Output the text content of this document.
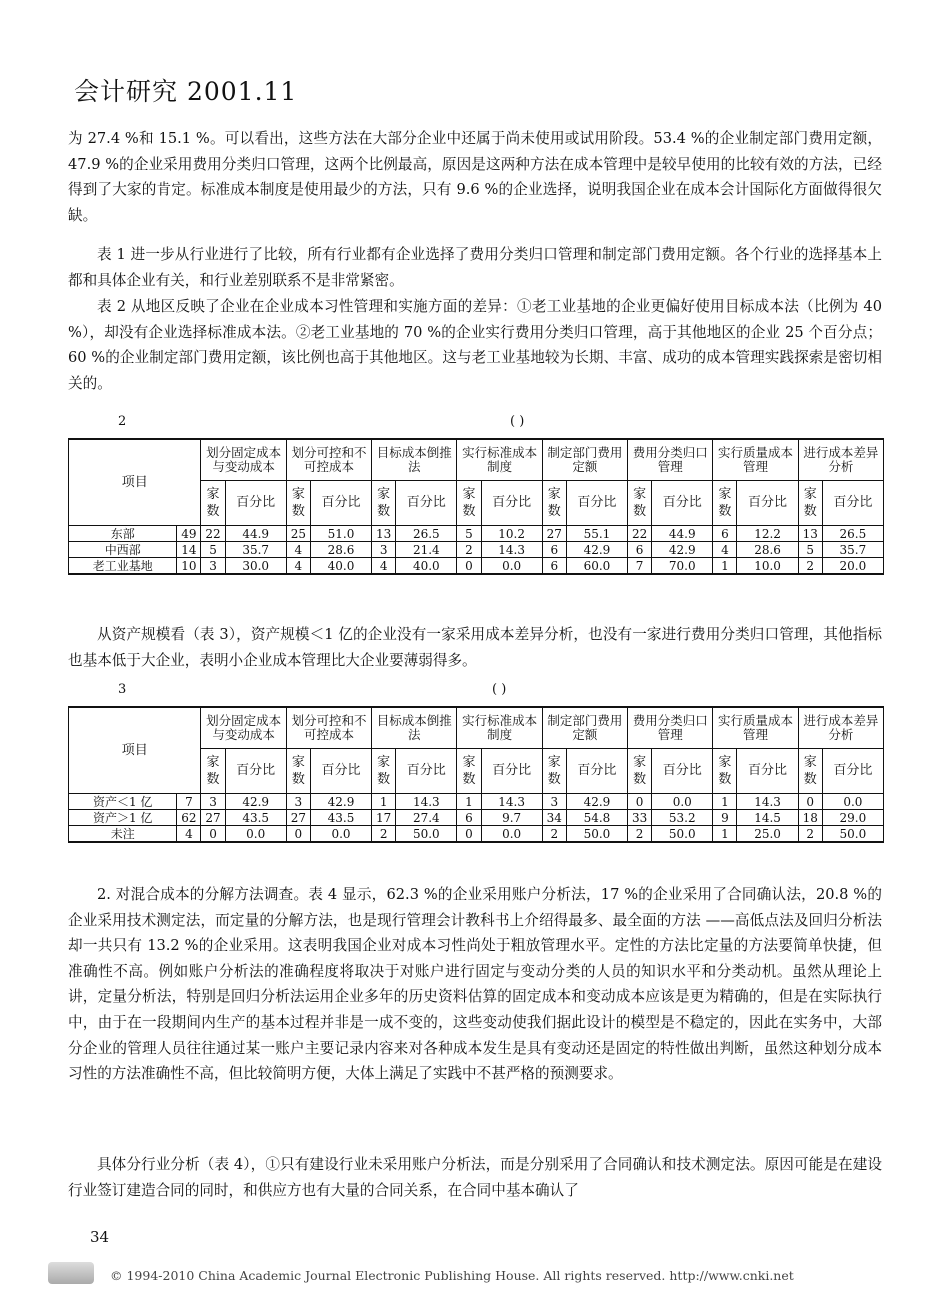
会计研究 2001.11

为 27.4 %和 15.1 %。可以看出，这些方法在大部分企业中还属于尚未使用或试用阶段。53.4 %的企业制定部门费用定额，47.9 %的企业采用费用分类归口管理，这两个比例最高，原因是这两种方法在成本管理中是较早使用的比较有效的方法，已经得到了大家的肯定。标准成本制度是使用最少的方法，只有 9.6 %的企业选择，说明我国企业在成本会计国际化方面做得很欠缺。

表 1 进一步从行业进行了比较，所有行业都有企业选择了费用分类归口管理和制定部门费用定额。各个行业的选择基本上都和具体企业有关，和行业差别联系不是非常紧密。

表 2 从地区反映了企业在企业成本习性管理和实施方面的差异：①老工业基地的企业更偏好使用目标成本法（比例为 40 %），却没有企业选择标准成本法。②老工业基地的 70 %的企业实行费用分类归口管理，高于其他地区的企业 25 个百分点；60 %的企业制定部门费用定额，该比例也高于其他地区。这与老工业基地较为长期、丰富、成功的成本管理实践探索是密切相关的。

2	( )
项目		划分固定成本与变动成本		划分可控和不可控成本		目标成本倒推法		实行标准成本制度		制定部门费用定额		费用分类归口管理		实行质量成本管理		进行成本差异分析	
		家数	百分比	家数	百分比	家数	百分比	家数	百分比	家数	百分比	家数	百分比	家数	百分比	家数	百分比
东部	49	22	44.9	25	51.0	13	26.5	5	10.2	27	55.1	22	44.9	6	12.2	13	26.5
中西部	14	5	35.7	4	28.6	3	21.4	2	14.3	6	42.9	6	42.9	4	28.6	5	35.7
老工业基地	10	3	30.0	4	40.0	4	40.0	0	0.0	6	60.0	7	70.0	1	10.0	2	20.0

从资产规模看（表 3），资产规模＜1 亿的企业没有一家采用成本差异分析，也没有一家进行费用分类归口管理，其他指标也基本低于大企业，表明小企业成本管理比大企业要薄弱得多。

3	( )
项目		划分固定成本与变动成本		划分可控和不可控成本		目标成本倒推法		实行标准成本制度		制定部门费用定额		费用分类归口管理		实行质量成本管理		进行成本差异分析	
		家数	百分比	家数	百分比	家数	百分比	家数	百分比	家数	百分比	家数	百分比	家数	百分比	家数	百分比
资产＜1 亿	7	3	42.9	3	42.9	1	14.3	1	14.3	3	42.9	0	0.0	1	14.3	0	0.0
资产＞1 亿	62	27	43.5	27	43.5	17	27.4	6	9.7	34	54.8	33	53.2	9	14.5	18	29.0
未注	4	0	0.0	0	0.0	2	50.0	0	0.0	2	50.0	2	50.0	1	25.0	2	50.0

2. 对混合成本的分解方法调查。表 4 显示，62.3 %的企业采用账户分析法，17 %的企业采用了合同确认法，20.8 %的企业采用技术测定法，而定量的分解方法，也是现行管理会计教科书上介绍得最多、最全面的方法 ——高低点法及回归分析法却一共只有 13.2 %的企业采用。这表明我国企业对成本习性尚处于粗放管理水平。定性的方法比定量的方法要简单快捷，但准确性不高。例如账户分析法的准确程度将取决于对账户进行固定与变动分类的人员的知识水平和分类动机。虽然从理论上讲，定量分析法，特别是回归分析法运用企业多年的历史资料估算的固定成本和变动成本应该是更为精确的，但是在实际执行中，由于在一段期间内生产的基本过程并非是一成不变的，这些变动使我们据此设计的模型是不稳定的，因此在实务中，大部分企业的管理人员往往通过某一账户主要记录内容来对各种成本发生是具有变动还是固定的特性做出判断，虽然这种划分成本习性的方法准确性不高，但比较简明方便，大体上满足了实践中不甚严格的预测要求。

具体分行业分析（表 4），①只有建设行业未采用账户分析法，而是分别采用了合同确认和技术测定法。原因可能是在建设行业签订建造合同的同时，和供应方也有大量的合同关系，在合同中基本确认了

34
© 1994-2010 China Academic Journal Electronic Publishing House. All rights reserved. http://www.cnki.net
